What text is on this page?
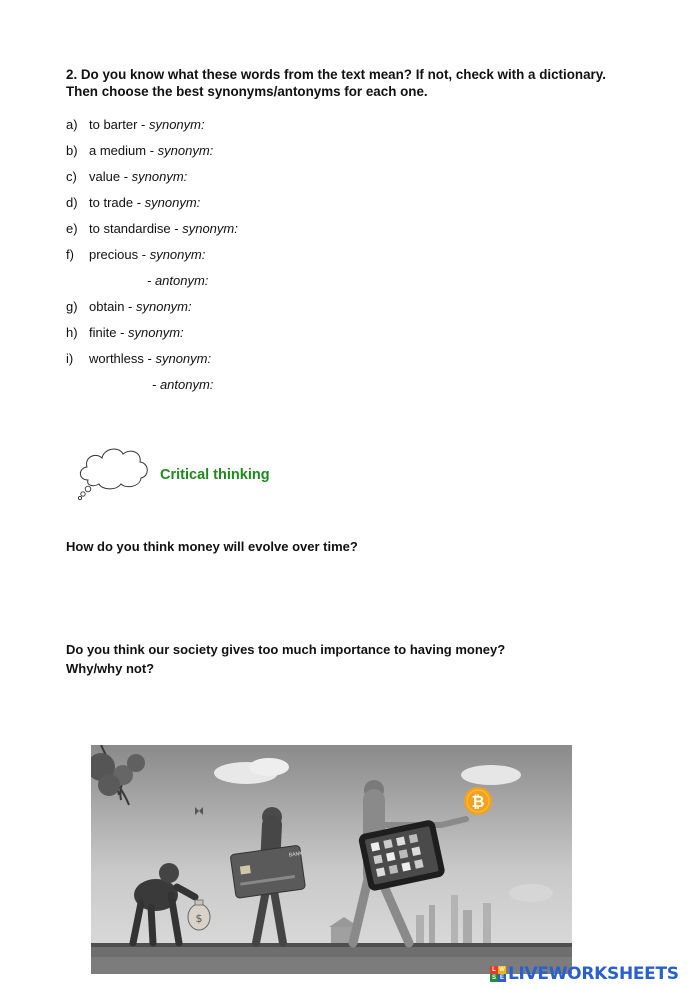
2. Do you know what these words from the text mean? If not, check with a dictionary. Then choose the best synonyms/antonyms for each one.
a) to barter - synonym:
b) a medium - synonym:
c) value - synonym:
d) to trade - synonym:
e) to standardise - synonym:
f)	precious - synonym:
- antonym:
g) obtain - synonym:
h) finite - synonym:
i)	worthless - synonym:
- antonym:
Critical thinking
How do you think money will evolve over time?
Do you think our society gives too much importance to having money?
Why/why not?
$
BANK
₿
L W
S E LIVEWORKSHEETS
